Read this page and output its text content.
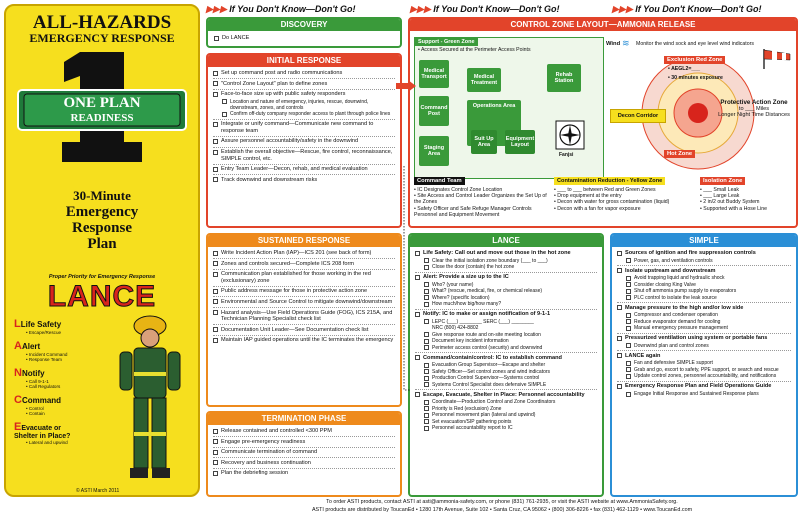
ALL-HAZARDS
EMERGENCY RESPONSE
ONE PLAN
READINESS
30-Minute
Emergency
Response
Plan
Proper Priority for Emergency Response
LANCE
LLife Safety
• Escape/Rescue
AAlert
• Incident Command
• Response Team
NNotify
• Call 9-1-1
• Call Regulators
CCommand
• Control
• Contain
EEvacuate or Shelter in Place?
• Lateral and upwind
© ASTI March 2011
▶▶▶ If You Don't Know—Don't Go!	▶▶▶ If You Don't Know—Don't Go!	▶▶▶ If You Don't Know—Don't Go!
DISCOVERY
Do LANCE
INITIAL RESPONSE
Set up command post and radio communications
"Control Zone Layout" plan to define zones
Face-to-face size up with public safety responders
Location and nature of emergency, injuries, rescue, downwind, downstream, zones, and controls
Confirm off-duty company responder access to plant through police lines
Integrate or unify command—Communicate new command to response team
Assure personnel accountability/safety in the downwind
Establish the overall objective—Rescue, fire control, reconnaissance, SIMPLE control, etc.
Entry Team Leader—Decon, rehab, and medical evaluation
Track downwind and downstream risks
SUSTAINED RESPONSE
Write Incident Action Plan (IAP)—ICS 201 (see back of form)
Zones and controls secured—Complete ICS 208 form
Communication plan established for those working in the red (exclusionary) zone
Public address message for those in protective action zone
Environmental and Source Control to mitigate downwind/downstream
Hazard analysis—Use Field Operations Guide (FOG), ICS 215A, and Technician Planning Specialist check list
Documentation Unit Leader—See Documentation check list
Maintain IAP guided operations until the IC terminates the emergency
TERMINATION PHASE
Release contained and controlled <300 PPM
Engage pre-emergency readiness
Communicate termination of command
Recovery and business continuation
Plan the debriefing session
CONTROL ZONE LAYOUT—AMMONIA RELEASE
Support - Green Zone
• Access Secured at the Perimeter Access Points
Medical Transport	Medical Treatment
Rehab Station
Command Post
Operations Area
Staging Area
Suit Up Area
Equipment Layout
Fanjsi
Wind ≋	Monitor the wind sock and eye level wind indicators
Exclusion Red Zone
• AEGL2=___
• 30 minutes exposure
Decon Corridor
Hot Zone
Protective Action Zone
to ___ Miles
Longer Night Time Distances
Command Team
• IC Designates Control Zone Location
• Site Access and Control Leader Organizes the Set Up of the Zones
• Safety Officer and Safe Refuge Manager Controls Personnel and Equipment Movement
Contamination Reduction - Yellow Zone
• ___ to ___ between Red and Green Zones
• Drop equipment at the entry
• Decon with water for gross contamination (liquid)
• Decon with a fan for vapor exposure
Isolation Zone
• ___ Small Leak
• ___ Large Leak
• 2 in/2 out Buddy System
• Supported with a Hose Line
LANCE
Life Safety: Call out and move out those in the hot zone
Clear the initial isolation zone boundary (___ to ___)
Close the door (contain) the hot zone
Alert: Provide a size up to the IC
Who? (your name)
What? (rescue, medical, fire, or chemical release)
Where? (specific location)
How much/how big/how many?
Notify: IC to make or assign notification of 9-1-1
LEPC (___) ________ SERC (___) ________
NRC (800) 424-8802
Give response route and on-site meeting location
Document key incident information
Perimeter access control (security) and downwind
Command/contain/control: IC to establish command
Evacuation Group Supervisor—Escape and shelter
Safety Officer—Set control zones and wind indicators
Production Control Supervisor—Systems control
Systems Control Specialist does defensive SIMPLE
Escape, Evacuate, Shelter in Place: Personnel accountability
Coordinate—Production Control and Zone Coordinators
Priority is Red (exclusion) Zone
Personnel movement plan (lateral and upwind)
Set evacuation/SIP gathering points
Personnel accountability report to IC
SIMPLE
Sources of ignition and fire suppression controls
Power, gas, and ventilation controls
Isolate upstream and downstream
Avoid trapping liquid and hydraulic shock
Consider closing King Valve
Shut off ammonia pump supply to evaporators
PLC control to isolate the leak source
Manage pressure to the high and/or low side
Compressor and condenser operation
Reduce evaporator demand for cooling
Manual emergency pressure management
Pressurized ventilation using system or portable fans
Downwind plan and control zones
LANCE again
Fan and defensive SIMPLE support
Grab and go, escort to safety, PPE support, or search and rescue
Update control zones, personnel accountability, and notifications
Emergency Response Plan and Field Operations Guide
Engage Initial Response and Sustained Response plans
To order ASTI products, contact ASTI at asti@ammonia-safety.com, or phone (831) 761-2935, or visit the ASTI website at www.AmmoniaSafety.org.
ASTI products are distributed by ToucanEd • 1280 17th Avenue, Suite 102 • Santa Cruz, CA 95062 • (800) 306-8226 • fax (831) 462-1129 • www.ToucanEd.com
